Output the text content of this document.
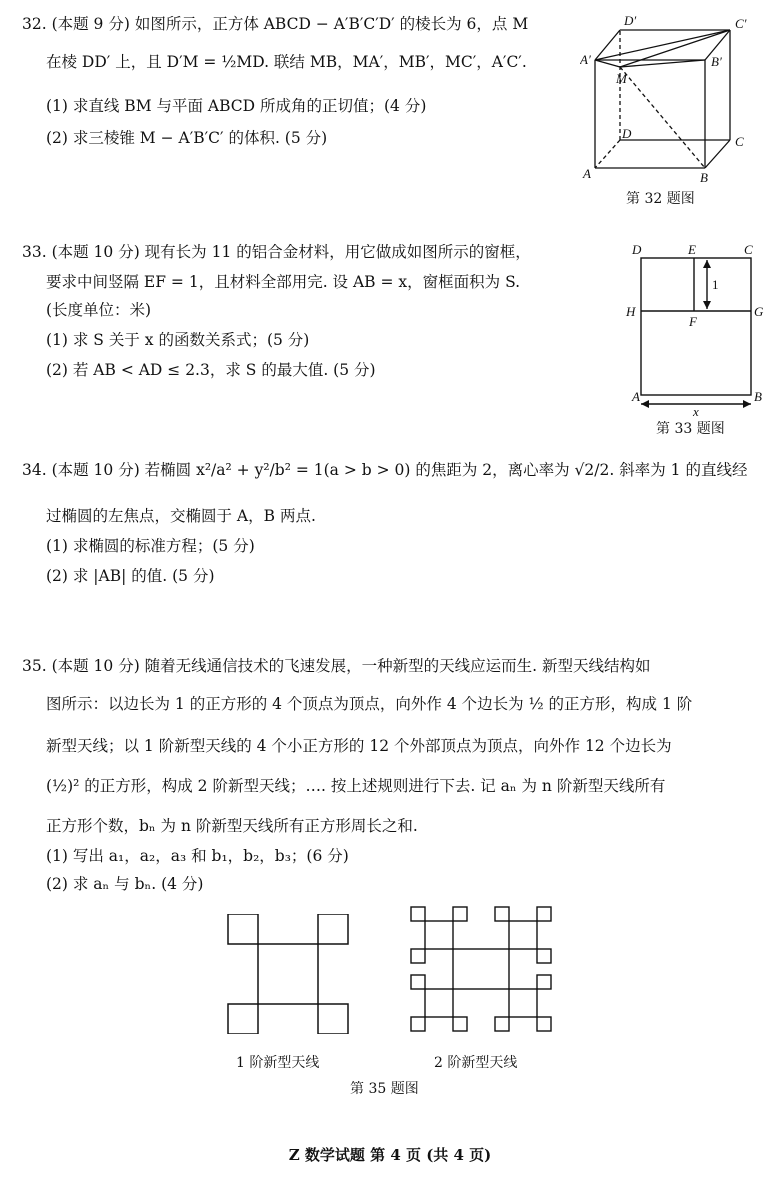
32. (本题 9 分) 如图所示，正方体 ABCD − A′B′C′D′ 的棱长为 6，点 M
在棱 DD′ 上，且 D′M = ½MD. 联结 MB，MA′，MB′，MC′，A′C′.
(1) 求直线 BM 与平面 ABCD 所成角的正切值；(4 分)
(2) 求三棱锥 M − A′B′C′ 的体积. (5 分)
D′	C′
A′	B′
M
D
C
A	B
第 32 题图
33. (本题 10 分) 现有长为 11 的铝合金材料，用它做成如图所示的窗框，
要求中间竖隔 EF = 1，且材料全部用完. 设 AB = x，窗框面积为 S.
(长度单位：米)
(1) 求 S 关于 x 的函数关系式；(5 分)
(2) 若 AB < AD ≤ 2.3，求 S 的最大值. (5 分)
D	E	C
H
F
G
1
A	B
x
第 33 题图
34. (本题 10 分) 若椭圆 x²/a² + y²/b² = 1(a > b > 0) 的焦距为 2，离心率为 √2/2. 斜率为 1 的直线经
过椭圆的左焦点，交椭圆于 A，B 两点.
(1) 求椭圆的标准方程；(5 分)
(2) 求 |AB| 的值. (5 分)
35. (本题 10 分) 随着无线通信技术的飞速发展，一种新型的天线应运而生. 新型天线结构如
图所示：以边长为 1 的正方形的 4 个顶点为顶点，向外作 4 个边长为 ½ 的正方形，构成 1 阶
新型天线；以 1 阶新型天线的 4 个小正方形的 12 个外部顶点为顶点，向外作 12 个边长为
(½)² 的正方形，构成 2 阶新型天线；…. 按上述规则进行下去. 记 aₙ 为 n 阶新型天线所有
正方形个数，bₙ 为 n 阶新型天线所有正方形周长之和.
(1) 写出 a₁，a₂，a₃ 和 b₁，b₂，b₃；(6 分)
(2) 求 aₙ 与 bₙ. (4 分)
1 阶新型天线	2 阶新型天线
第 35 题图
Z 数学试题 第 4 页 (共 4 页)
